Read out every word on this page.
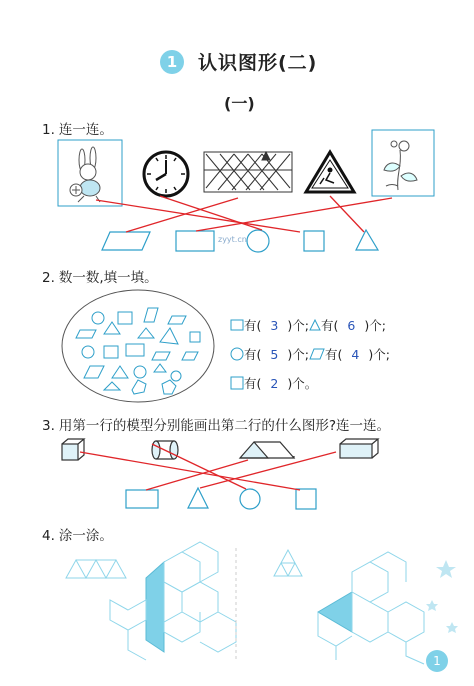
1	认识图形(二)
(一)
1. 连一连。
2. 数一数,填一填。
3. 用第一行的模型分别能画出第二行的什么图形?连一连。
4. 涂一涂。
有( 3 )个; 有( 6 )个;
有( 5 )个; 有( 4 )个;
有( 2 )个。
zyyt.cn
1
